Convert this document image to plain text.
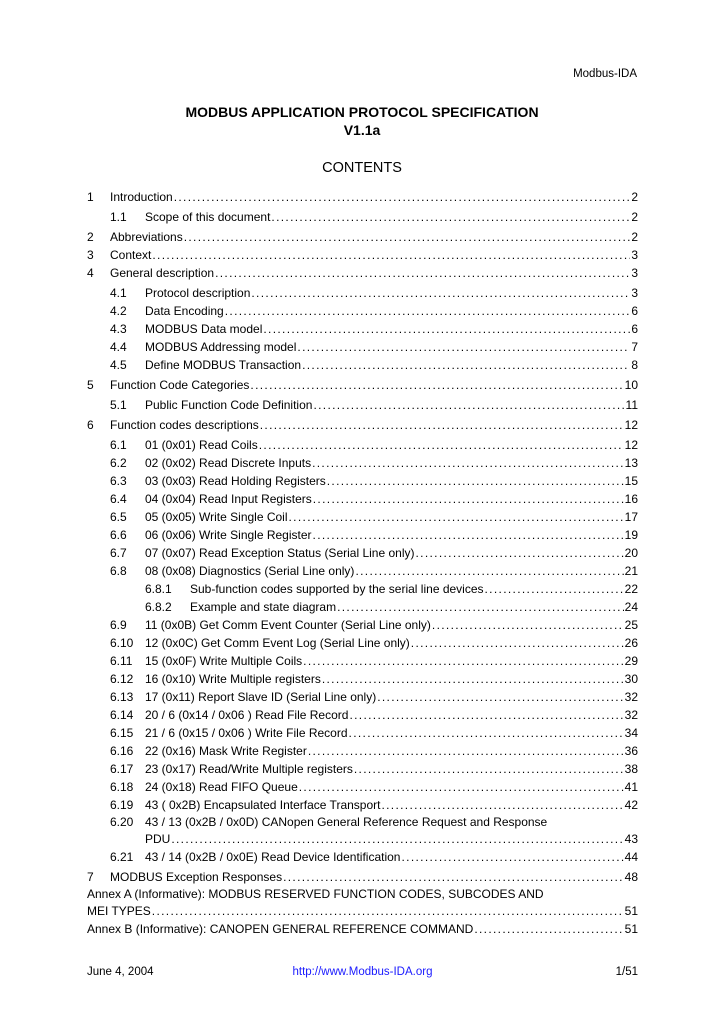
Modbus-IDA
MODBUS APPLICATION PROTOCOL SPECIFICATION
V1.1a
CONTENTS
1	Introduction . . .	2
1.1	Scope of this document . . .	2
2	Abbreviations . . .	2
3	Context . . .	3
4	General description . . .	3
4.1	Protocol description . . .	3
4.2	Data Encoding . . .	6
4.3	MODBUS Data model . . .	6
4.4	MODBUS Addressing model . . .	7
4.5	Define MODBUS Transaction . . .	8
5	Function Code Categories . . .	10
5.1	Public Function Code Definition . . .	11
6	Function codes descriptions . . .	12
6.1	01 (0x01) Read Coils . . .	12
6.2	02 (0x02) Read Discrete Inputs . . .	13
6.3	03 (0x03) Read Holding Registers . . .	15
6.4	04 (0x04) Read Input Registers . . .	16
6.5	05 (0x05) Write Single Coil . . .	17
6.6	06 (0x06) Write Single Register . . .	19
6.7	07 (0x07) Read Exception Status (Serial Line only) . . .	20
6.8	08 (0x08) Diagnostics (Serial Line only) . . .	21
6.8.1	Sub-function codes supported by the serial line devices . . .	22
6.8.2	Example and state diagram . . .	24
6.9	11 (0x0B) Get Comm Event Counter (Serial Line only) . . .	25
6.10 12 (0x0C) Get Comm Event Log (Serial Line only) . . .	26
6.11	15 (0x0F) Write Multiple Coils . . .	29
6.12 16 (0x10) Write Multiple registers . . .	30
6.13 17 (0x11) Report Slave ID (Serial Line only) . . .	32
6.14 20 / 6 (0x14 / 0x06 ) Read File Record . . .	32
6.15 21 / 6 (0x15 / 0x06 ) Write File Record . . .	34
6.16 22 (0x16) Mask Write Register . . .	36
6.17 23 (0x17) Read/Write Multiple registers . . .	38
6.18 24 (0x18) Read FIFO Queue . . .	41
6.19 43 ( 0x2B) Encapsulated Interface Transport . . .	42
6.20 43 / 13 (0x2B / 0x0D) CANopen General Reference Request and Response
PDU . . .	43
6.21 43 / 14 (0x2B / 0x0E) Read Device Identification . . .	44
7	MODBUS Exception Responses . . .	48
Annex A (Informative): MODBUS RESERVED FUNCTION CODES, SUBCODES AND
MEI TYPES . . .	51
Annex B (Informative): CANOPEN GENERAL REFERENCE COMMAND . . .	51
June 4, 2004	http://www.Modbus-IDA.org	1/51
